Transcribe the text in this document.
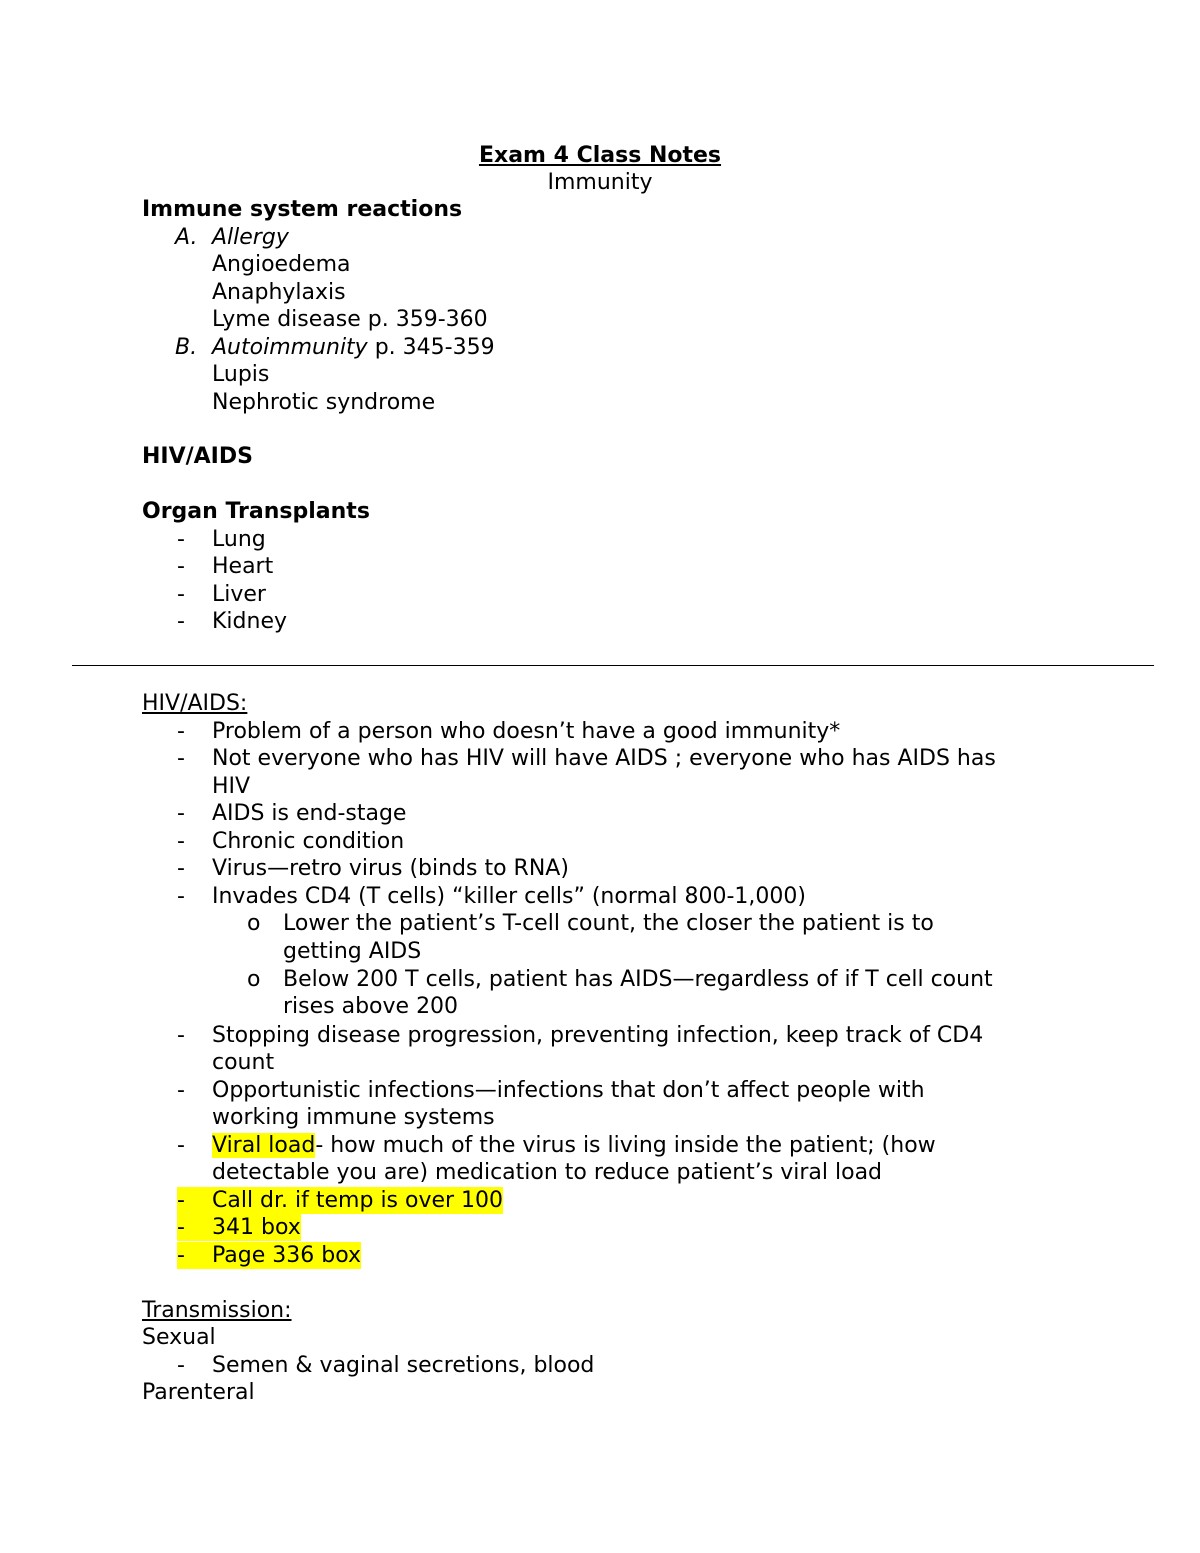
Exam 4 Class Notes
Immunity
Immune system reactions
A. Allergy
Angioedema
Anaphylaxis
Lyme disease p. 359-360
B. Autoimmunity p. 345-359
Lupis
Nephrotic syndrome
HIV/AIDS
Organ Transplants
- Lung
- Heart
- Liver
- Kidney
HIV/AIDS:
- Problem of a person who doesn’t have a good immunity*
- Not everyone who has HIV will have AIDS ; everyone who has AIDS has
HIV
- AIDS is end-stage
- Chronic condition
- Virus—retro virus (binds to RNA)
- Invades CD4 (T cells) “killer cells” (normal 800-1,000)
o Lower the patient’s T-cell count, the closer the patient is to
getting AIDS
o Below 200 T cells, patient has AIDS—regardless of if T cell count
rises above 200
- Stopping disease progression, preventing infection, keep track of CD4
count
- Opportunistic infections—infections that don’t affect people with
working immune systems
- Viral load- how much of the virus is living inside the patient; (how
detectable you are) medication to reduce patient’s viral load
-	Call dr. if temp is over 100
-	341 box
-	Page 336 box
Transmission:
Sexual
- Semen & vaginal secretions, blood
Parenteral
